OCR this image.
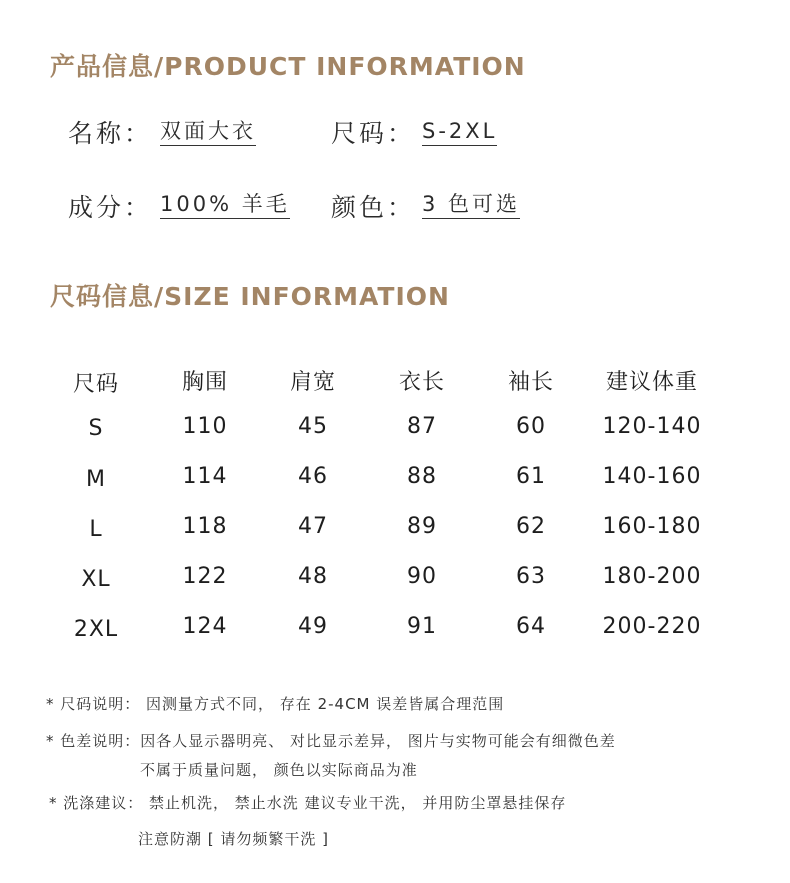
产品信息/PRODUCT INFORMATION
名称： 双面大衣	尺码： S-2XL
成分： 100% 羊毛 颜色： 3 色可选
尺码信息/SIZE INFORMATION
尺码	胸围	肩宽	衣长	袖长	建议体重
S	110	45	87	60	120-140
M	114	46	88	61	140-160
L	118	47	89	62	160-180
XL	122	48	90	63	180-200
2XL	124	49	91	64	200-220
* 尺码说明： 因测量方式不同， 存在 2-4CM 误差皆属合理范围
* 色差说明：因各人显示器明亮、 对比显示差异， 图片与实物可能会有细微色差
不属于质量问题， 颜色以实际商品为准
* 洗涤建议： 禁止机洗， 禁止水洗 建议专业干洗， 并用防尘罩悬挂保存
注意防潮 [ 请勿频繁干洗 ]
